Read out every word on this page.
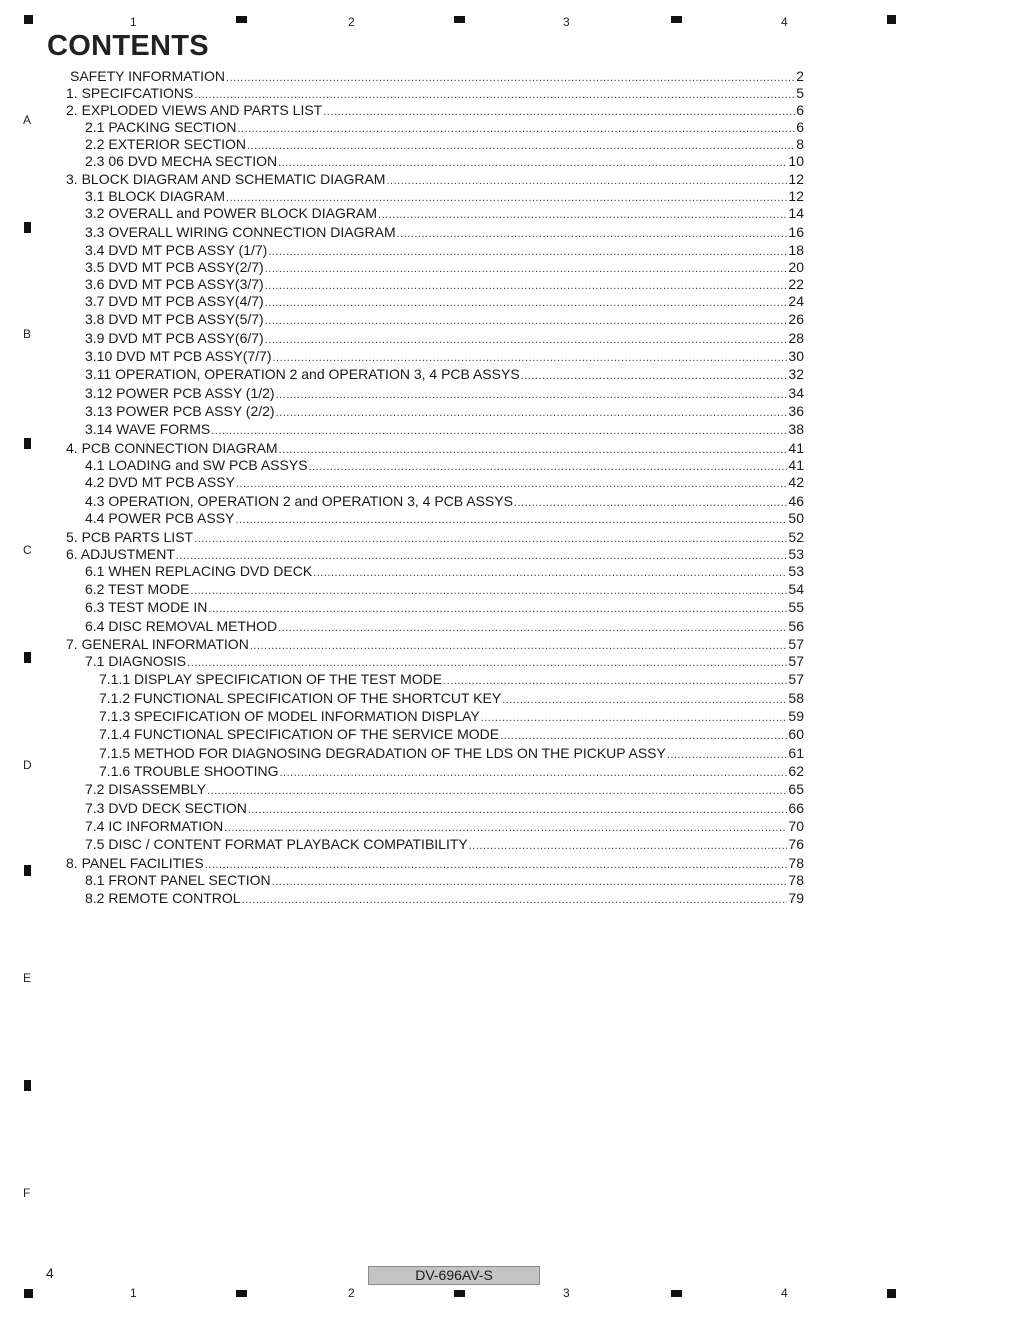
1	2	3	4
1	2	3	4
A
B
C
D
E
F
CONTENTS
SAFETY INFORMATION .....	2
1. SPECIFCATIONS .....	5
2. EXPLODED VIEWS AND PARTS LIST .....	6
2.1 PACKING SECTION .....	6
2.2 EXTERIOR SECTION .....	8
2.3 06 DVD MECHA SECTION .....	10
3. BLOCK DIAGRAM AND SCHEMATIC DIAGRAM .....	12
3.1 BLOCK DIAGRAM .....	12
3.2 OVERALL and POWER BLOCK DIAGRAM .....	14
3.3 OVERALL WIRING CONNECTION DIAGRAM .....	16
3.4 DVD MT PCB ASSY (1/7) .....	18
3.5 DVD MT PCB ASSY(2/7) .....	20
3.6 DVD MT PCB ASSY(3/7) .....	22
3.7 DVD MT PCB ASSY(4/7) .....	24
3.8 DVD MT PCB ASSY(5/7) .....	26
3.9 DVD MT PCB ASSY(6/7) .....	28
3.10 DVD MT PCB ASSY(7/7) .....	30
3.11 OPERATION, OPERATION 2 and OPERATION 3, 4 PCB ASSYS .....	32
3.12 POWER PCB ASSY (1/2) .....	34
3.13 POWER PCB ASSY (2/2) .....	36
3.14 WAVE FORMS .....	38
4. PCB CONNECTION DIAGRAM .....	41
4.1 LOADING and SW PCB ASSYS .....	41
4.2 DVD MT PCB ASSY .....	42
4.3 OPERATION, OPERATION 2 and OPERATION 3, 4 PCB ASSYS .....	46
4.4 POWER PCB ASSY .....	50
5. PCB PARTS LIST .....	52
6. ADJUSTMENT .....	53
6.1 WHEN REPLACING DVD DECK .....	53
6.2 TEST MODE .....	54
6.3 TEST MODE IN .....	55
6.4 DISC REMOVAL METHOD .....	56
7. GENERAL INFORMATION .....	57
7.1 DIAGNOSIS .....	57
7.1.1 DISPLAY SPECIFICATION OF THE TEST MODE .....	57
7.1.2 FUNCTIONAL SPECIFICATION OF THE SHORTCUT KEY .....	58
7.1.3 SPECIFICATION OF MODEL INFORMATION DISPLAY .....	59
7.1.4 FUNCTIONAL SPECIFICATION OF THE SERVICE MODE .....	60
7.1.5 METHOD FOR DIAGNOSING DEGRADATION OF THE LDS ON THE PICKUP ASSY .....	61
7.1.6 TROUBLE SHOOTING .....	62
7.2 DISASSEMBLY .....	65
7.3 DVD DECK SECTION .....	66
7.4 IC INFORMATION .....	70
7.5 DISC / CONTENT FORMAT PLAYBACK COMPATIBILITY .....	76
8. PANEL FACILITIES .....	78
8.1 FRONT PANEL SECTION .....	78
8.2 REMOTE CONTROL .....	79
4	DV-696AV-S
